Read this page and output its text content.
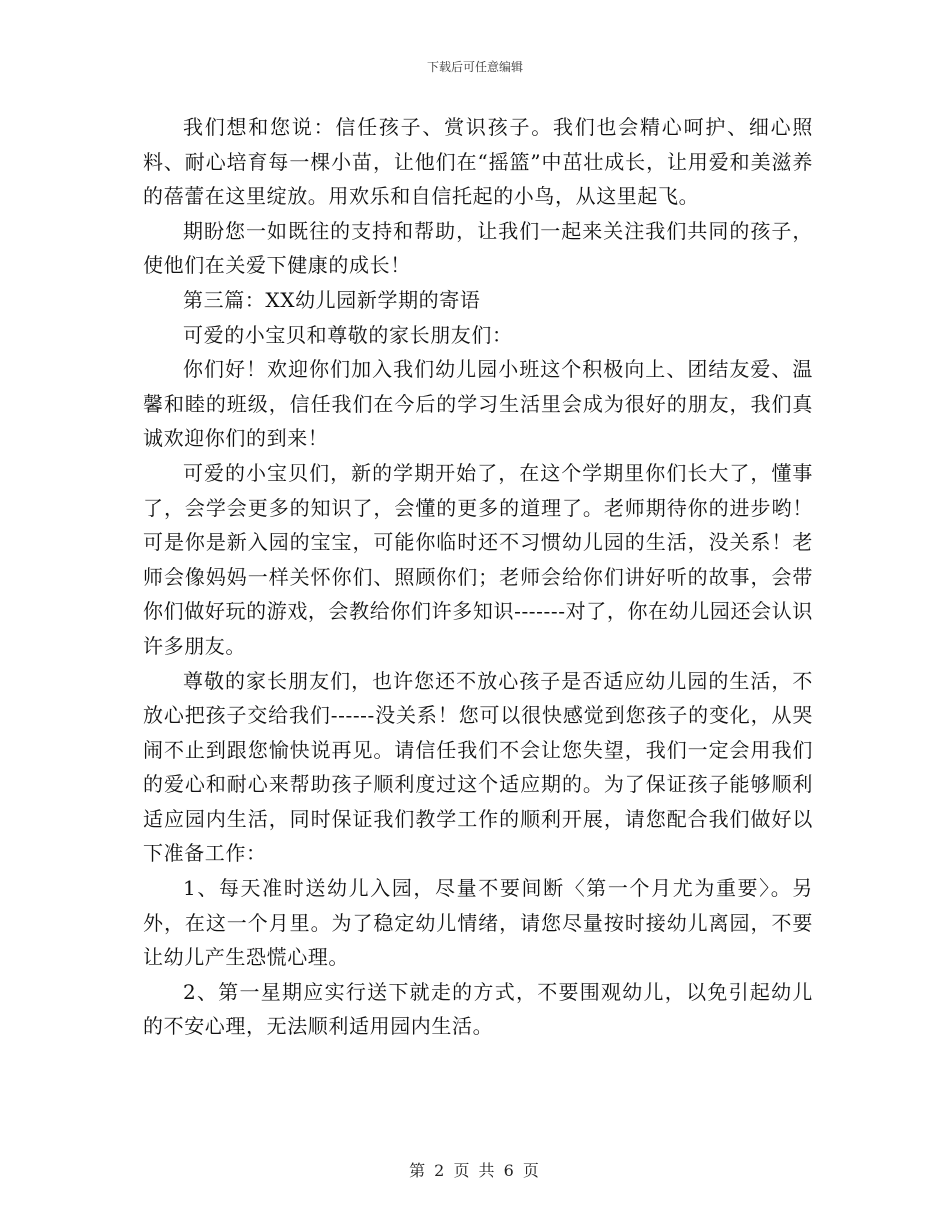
下载后可任意编辑

我们想和您说：信任孩子、赏识孩子。我们也会精心呵护、细心照料、耐心培育每一棵小苗，让他们在“摇篮”中茁壮成长，让用爱和美滋养的蓓蕾在这里绽放。用欢乐和自信托起的小鸟，从这里起飞。

期盼您一如既往的支持和帮助，让我们一起来关注我们共同的孩子，使他们在关爱下健康的成长！

第三篇：XX幼儿园新学期的寄语

可爱的小宝贝和尊敬的家长朋友们：

你们好！欢迎你们加入我们幼儿园小班这个积极向上、团结友爱、温馨和睦的班级，信任我们在今后的学习生活里会成为很好的朋友，我们真诚欢迎你们的到来！

可爱的小宝贝们，新的学期开始了，在这个学期里你们长大了，懂事了，会学会更多的知识了，会懂的更多的道理了。老师期待你的进步哟！可是你是新入园的宝宝，可能你临时还不习惯幼儿园的生活，没关系！老师会像妈妈一样关怀你们、照顾你们；老师会给你们讲好听的故事，会带你们做好玩的游戏，会教给你们许多知识-------对了，你在幼儿园还会认识许多朋友。

尊敬的家长朋友们，也许您还不放心孩子是否适应幼儿园的生活，不放心把孩子交给我们------没关系！您可以很快感觉到您孩子的变化，从哭闹不止到跟您愉快说再见。请信任我们不会让您失望，我们一定会用我们的爱心和耐心来帮助孩子顺利度过这个适应期的。为了保证孩子能够顺利适应园内生活，同时保证我们教学工作的顺利开展，请您配合我们做好以下准备工作：

1、每天准时送幼儿入园，尽量不要间断〈第一个月尤为重要〉。另外，在这一个月里。为了稳定幼儿情绪，请您尽量按时接幼儿离园，不要让幼儿产生恐慌心理。

2、第一星期应实行送下就走的方式，不要围观幼儿，以免引起幼儿的不安心理，无法顺利适用园内生活。

第 2 页 共 6 页
